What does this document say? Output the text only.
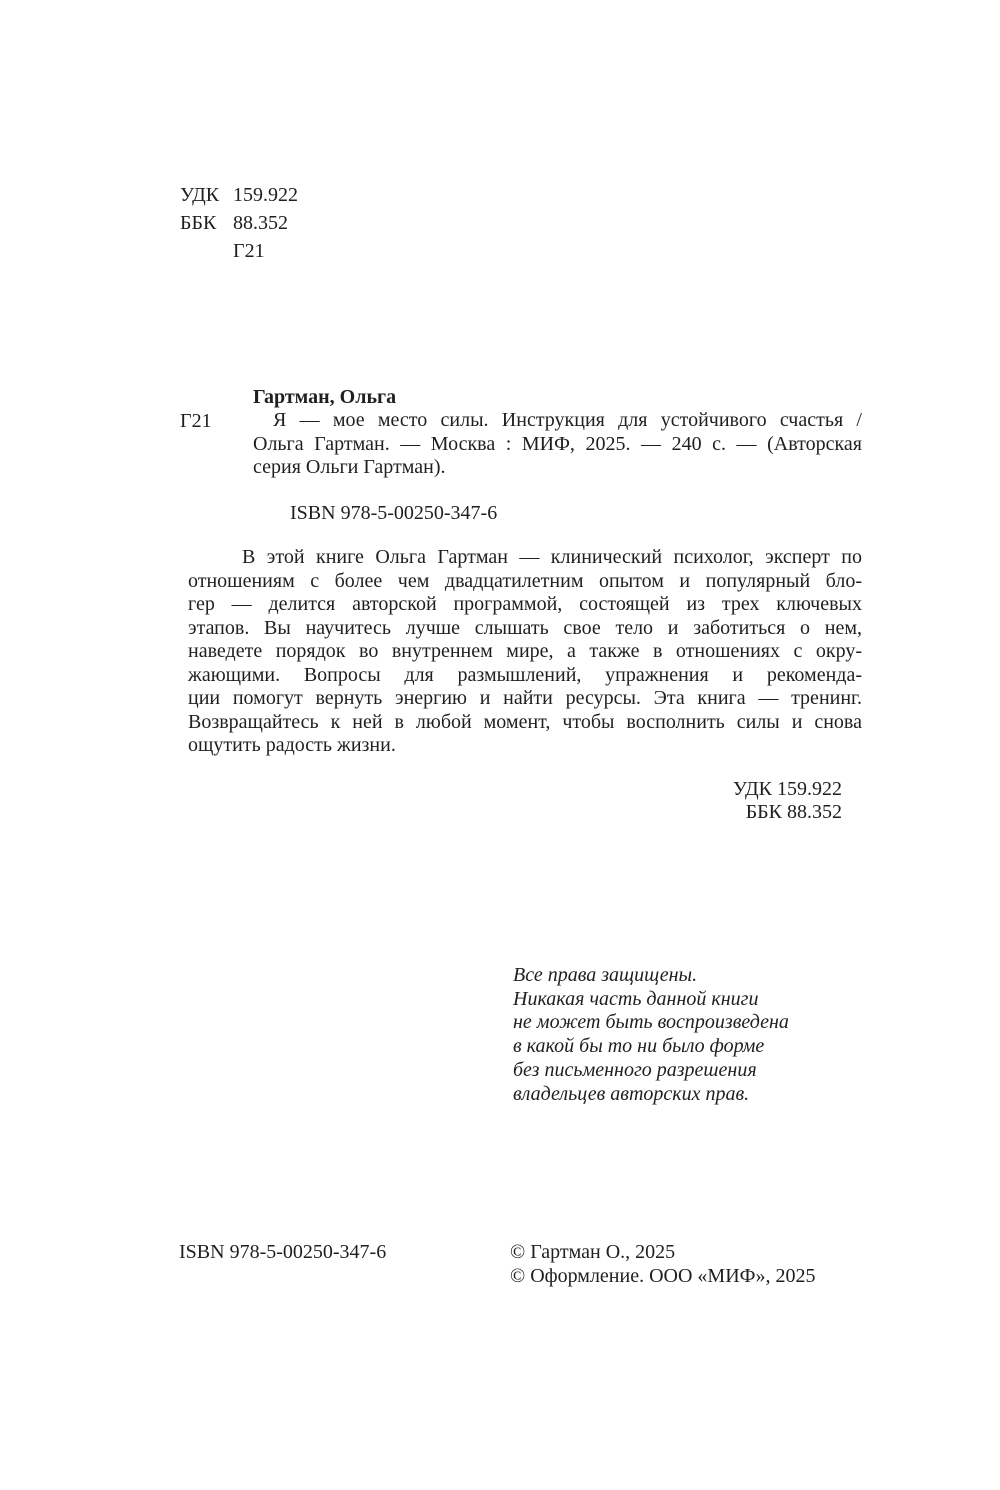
УДК 159.922
ББК 88.352
Г21
Гартман, Ольга
Г21	Я — мое место силы. Инструкция для устойчивого счастья /
Ольга Гартман. — Москва : МИФ, 2025. — 240 с. — (Авторская
серия Ольги Гартман).
ISBN 978-5-00250-347-6
В этой книге Ольга Гартман — клинический психолог, эксперт по
отношениям с более чем двадцатилетним опытом и популярный бло-
гер — делится авторской программой, состоящей из трех ключевых
этапов. Вы научитесь лучше слышать свое тело и заботиться о нем,
наведете порядок во внутреннем мире, а также в отношениях с окру-
жающими. Вопросы для размышлений, упражнения и рекоменда-
ции помогут вернуть энергию и найти ресурсы. Эта книга — тренинг.
Возвращайтесь к ней в любой момент, чтобы восполнить силы и снова
ощутить радость жизни.
УДК 159.922
ББК 88.352
Все права защищены.
Никакая часть данной книги
не может быть воспроизведена
в какой бы то ни было форме
без письменного разрешения
владельцев авторских прав.
ISBN 978-5-00250-347-6	© Гартман О., 2025
© Оформление. ООО «МИФ», 2025
